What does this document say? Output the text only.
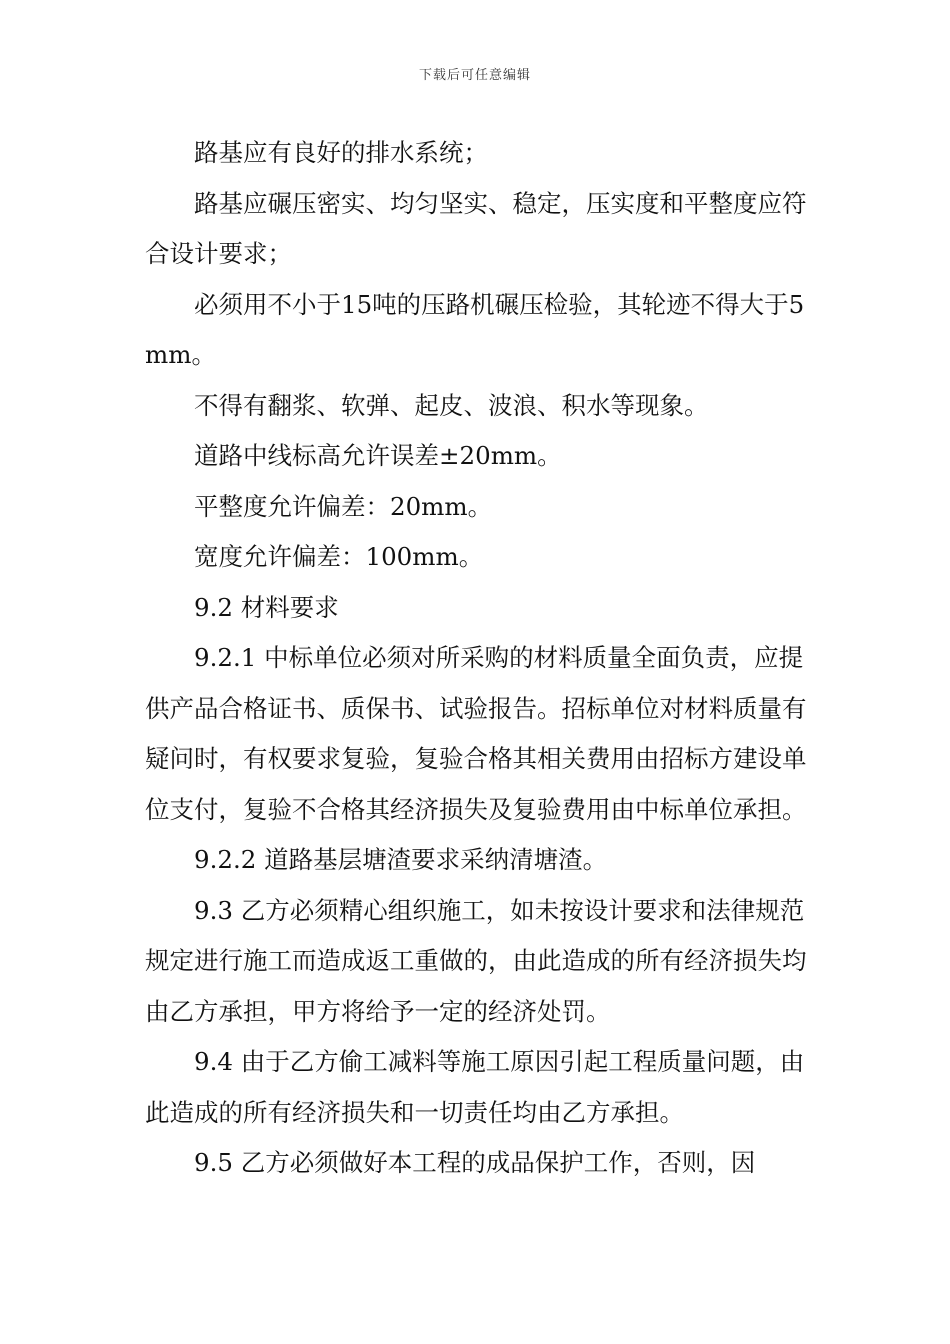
下载后可任意编辑

路基应有良好的排水系统；

路基应碾压密实、均匀坚实、稳定，压实度和平整度应符合设计要求；

必须用不小于15吨的压路机碾压检验，其轮迹不得大于5mm。

不得有翻浆、软弹、起皮、波浪、积水等现象。

道路中线标高允许误差±20mm。

平整度允许偏差：20mm。

宽度允许偏差：100mm。

9.2 材料要求

9.2.1 中标单位必须对所采购的材料质量全面负责，应提供产品合格证书、质保书、试验报告。招标单位对材料质量有疑问时，有权要求复验，复验合格其相关费用由招标方建设单位支付，复验不合格其经济损失及复验费用由中标单位承担。

9.2.2 道路基层塘渣要求采纳清塘渣。

9.3 乙方必须精心组织施工，如未按设计要求和法律规范规定进行施工而造成返工重做的，由此造成的所有经济损失均由乙方承担，甲方将给予一定的经济处罚。

9.4 由于乙方偷工减料等施工原因引起工程质量问题，由此造成的所有经济损失和一切责任均由乙方承担。

9.5 乙方必须做好本工程的成品保护工作，否则，因
